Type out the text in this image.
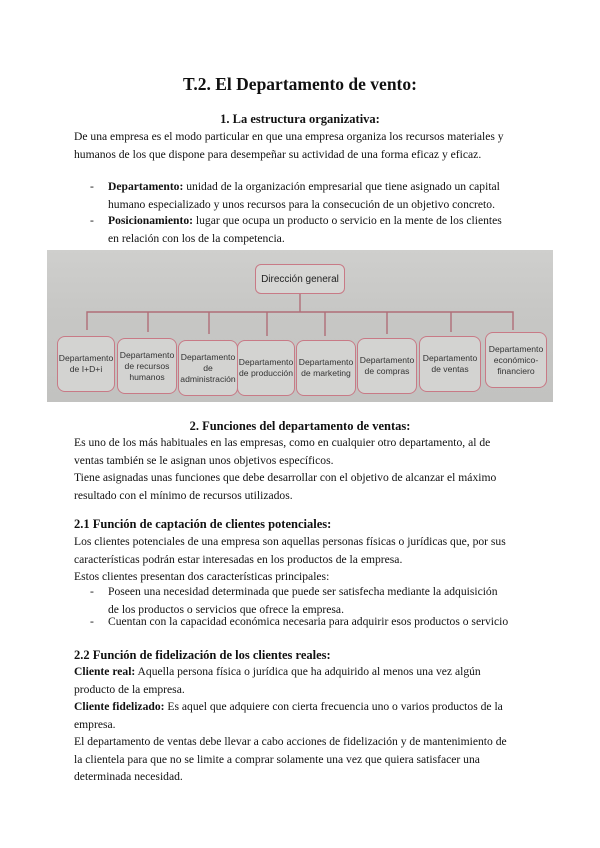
T.2. El Departamento de vento:
1. La estructura organizativa:
De una empresa es el modo particular en que una empresa organiza los recursos materiales y
humanos de los que dispone para desempeñar su actividad de una forma eficaz y eficaz.
- Departamento: unidad de la organización empresarial que tiene asignado un capital
humano especializado y unos recursos para la consecución de un objetivo concreto.
- Posicionamiento: lugar que ocupa un producto o servicio en la mente de los clientes
en relación con los de la competencia.
Dirección general
Departamento de I+D+i
Departamento de recursos humanos
Departamento de administración
Departamento de producción
Departamento de marketing
Departamento de compras
Departamento de ventas
Departamento económico-financiero
2. Funciones del departamento de ventas:
Es uno de los más habituales en las empresas, como en cualquier otro departamento, al de
ventas también se le asignan unos objetivos específicos.
Tiene asignadas unas funciones que debe desarrollar con el objetivo de alcanzar el máximo
resultado con el mínimo de recursos utilizados.
2.1 Función de captación de clientes potenciales:
Los clientes potenciales de una empresa son aquellas personas físicas o jurídicas que, por sus
características podrán estar interesadas en los productos de la empresa.
Estos clientes presentan dos características principales:
- Poseen una necesidad determinada que puede ser satisfecha mediante la adquisición
de los productos o servicios que ofrece la empresa.
- Cuentan con la capacidad económica necesaria para adquirir esos productos o servicio
2.2 Función de fidelización de los clientes reales:
Cliente real: Aquella persona física o jurídica que ha adquirido al menos una vez algún
producto de la empresa.
Cliente fidelizado: Es aquel que adquiere con cierta frecuencia uno o varios productos de la
empresa.
El departamento de ventas debe llevar a cabo acciones de fidelización y de mantenimiento de
la clientela para que no se limite a comprar solamente una vez que quiera satisfacer una
determinada necesidad.
